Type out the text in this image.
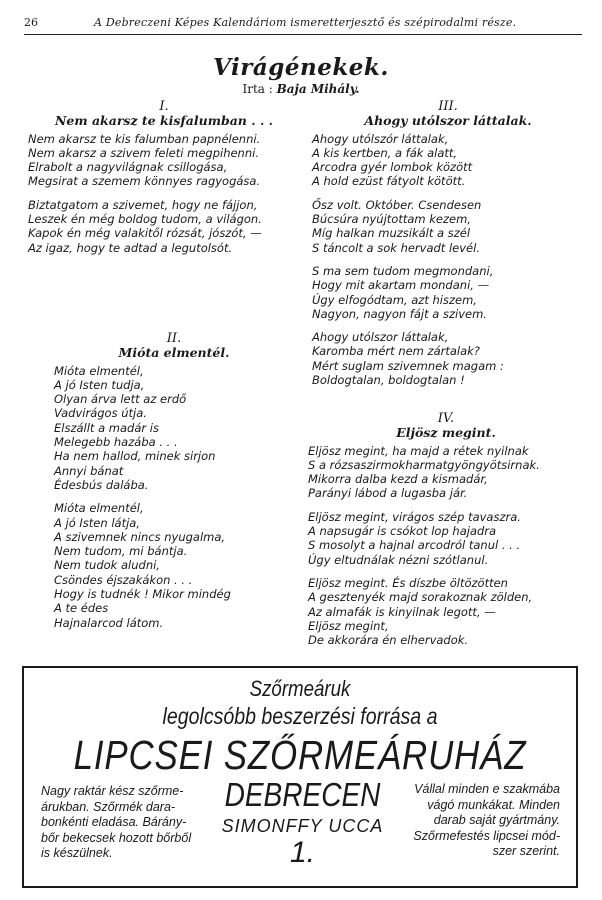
26	A Debreczeni Képes Kalendáriom ismeretterjesztő és szépirodalmi része.
Virágénekek.
Irta : Baja Mihály.
I.
Nem akarsz te kisfalumban . . .
Nem akarsz te kis falumban papnélenni.
Nem akarsz a szivem feleti megpihenni.
Elrabolt a nagyvilágnak csillogása,
Megsirat a szemem könnyes ragyogása.
Biztatgatom a szivemet, hogy ne fájjon,
Leszek én még boldog tudom, a világon.
Kapok én még valakitől rózsát, jószót, —
Az igaz, hogy te adtad a legutolsót.
II.
Mióta elmentél.
Mióta elmentél,
A jó Isten tudja,
Olyan árva lett az erdő
Vadvirágos útja.
Elszállt a madár is
Melegebb hazába . . .
Ha nem hallod, minek sirjon
Annyi bánat
Édesbús dalába.
Mióta elmentél,
A jó Isten látja,
A szivemnek nincs nyugalma,
Nem tudom, mi bántja.
Nem tudok aludni,
Csöndes éjszakákon . . .
Hogy is tudnék ! Mikor mindég
A te édes
Hajnalarcod látom.
III.
Ahogy utólszor láttalak.
Ahogy utólszór láttalak,
A kis kertben, a fák alatt,
Arcodra gyér lombok között
A hold ezüst fátyolt kötött.
Ősz volt. Október. Csendesen
Búcsúra nyújtottam kezem,
Míg halkan muzsikált a szél
S táncolt a sok hervadt levél.
S ma sem tudom megmondani,
Hogy mit akartam mondani, —
Úgy elfogódtam, azt hiszem,
Nagyon, nagyon fájt a szivem.
Ahogy utólszor láttalak,
Karomba mért nem zártalak?
Mért suglam szivemnek magam :
Boldogtalan, boldogtalan !
IV.
Eljösz megint.
Eljösz megint, ha majd a rétek nyilnak
S a rózsaszirmokharmatgyöngyötsirnak.
Mikorra dalba kezd a kismadár,
Parányi lábod a lugasba jár.
Eljösz megint, virágos szép tavaszra.
A napsugár is csókot lop hajadra
S mosolyt a hajnal arcodról tanul . . .
Úgy eltudnálak nézni szótlanul.
Eljösz megint. És díszbe öltözötten
A gesztenyék majd sorakoznak zölden,
Az almafák is kinyilnak legott, —
Eljösz megint,
De akkorára én elhervadok.
Szőrmeáruk
legolcsóbb beszerzési forrása a
LIPCSEI SZŐRMEÁRUHÁZ
Nagy raktár kész szőrme-
árukban. Szőrmék dara-
bonkénti eladása. Bárány-
bőr bekecsek hozott bőrből
is készülnek.
DEBRECEN
SIMONFFY UCCA
1.
Vállal minden e szakmába
vágó munkákat. Minden
darab saját gyártmány.
Szőrmefestés lipcsei mód-
szer szerint.
